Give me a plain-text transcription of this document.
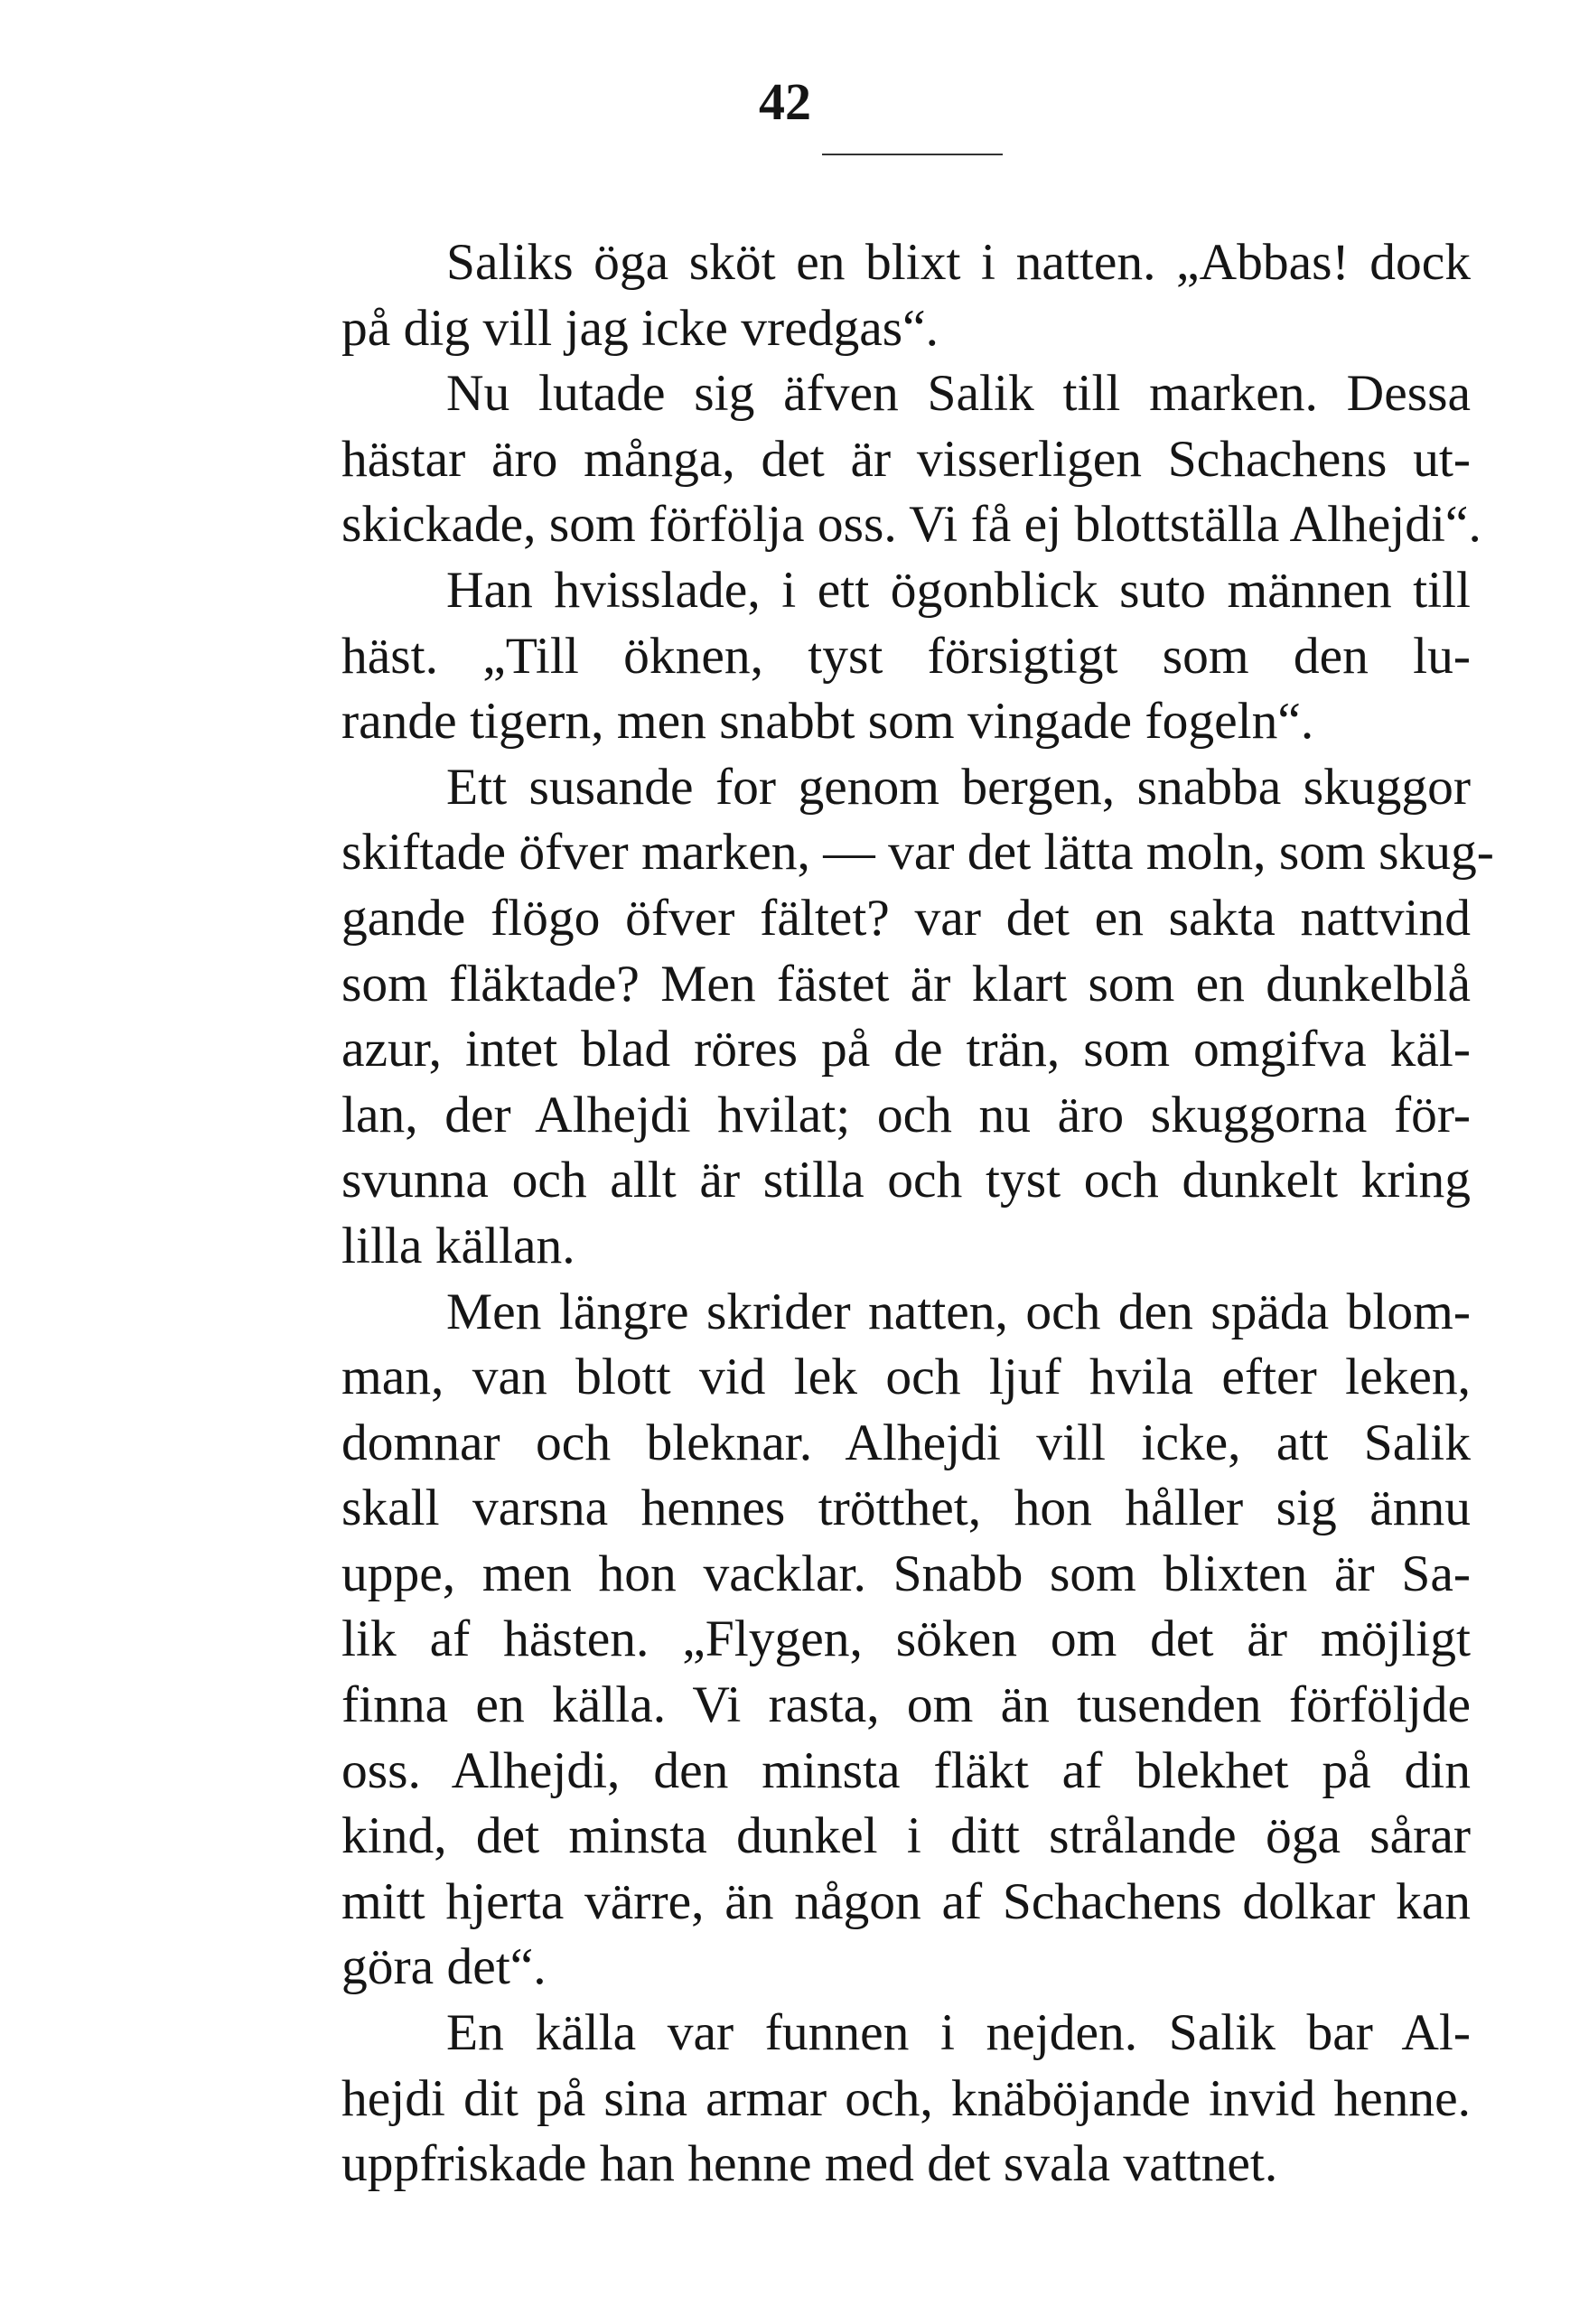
42
Saliks öga sköt en blixt i natten. „Abbas! dock
på dig vill jag icke vredgas“.
Nu lutade sig äfven Salik till marken. Dessa
hästar äro många, det är visserligen Schachens ut-
skickade, som förfölja oss. Vi få ej blottställa Alhejdi“.
Han hvisslade, i ett ögonblick suto männen till
häst. „Till öknen, tyst försigtigt som den lu-
rande tigern, men snabbt som vingade fogeln“.
Ett susande for genom bergen, snabba skuggor
skiftade öfver marken, — var det lätta moln, som skug-
gande flögo öfver fältet? var det en sakta nattvind
som fläktade? Men fästet är klart som en dunkelblå
azur, intet blad röres på de trän, som omgifva käl-
lan, der Alhejdi hvilat; och nu äro skuggorna för-
svunna och allt är stilla och tyst och dunkelt kring
lilla källan.
Men längre skrider natten, och den späda blom-
man, van blott vid lek och ljuf hvila efter leken,
domnar och bleknar. Alhejdi vill icke, att Salik
skall varsna hennes trötthet, hon håller sig ännu
uppe, men hon vacklar. Snabb som blixten är Sa-
lik af hästen. „Flygen, söken om det är möjligt
finna en källa. Vi rasta, om än tusenden förföljde
oss. Alhejdi, den minsta fläkt af blekhet på din
kind, det minsta dunkel i ditt strålande öga sårar
mitt hjerta värre, än någon af Schachens dolkar kan
göra det“.
En källa var funnen i nejden. Salik bar Al-
hejdi dit på sina armar och, knäböjande invid henne.
uppfriskade han henne med det svala vattnet.
